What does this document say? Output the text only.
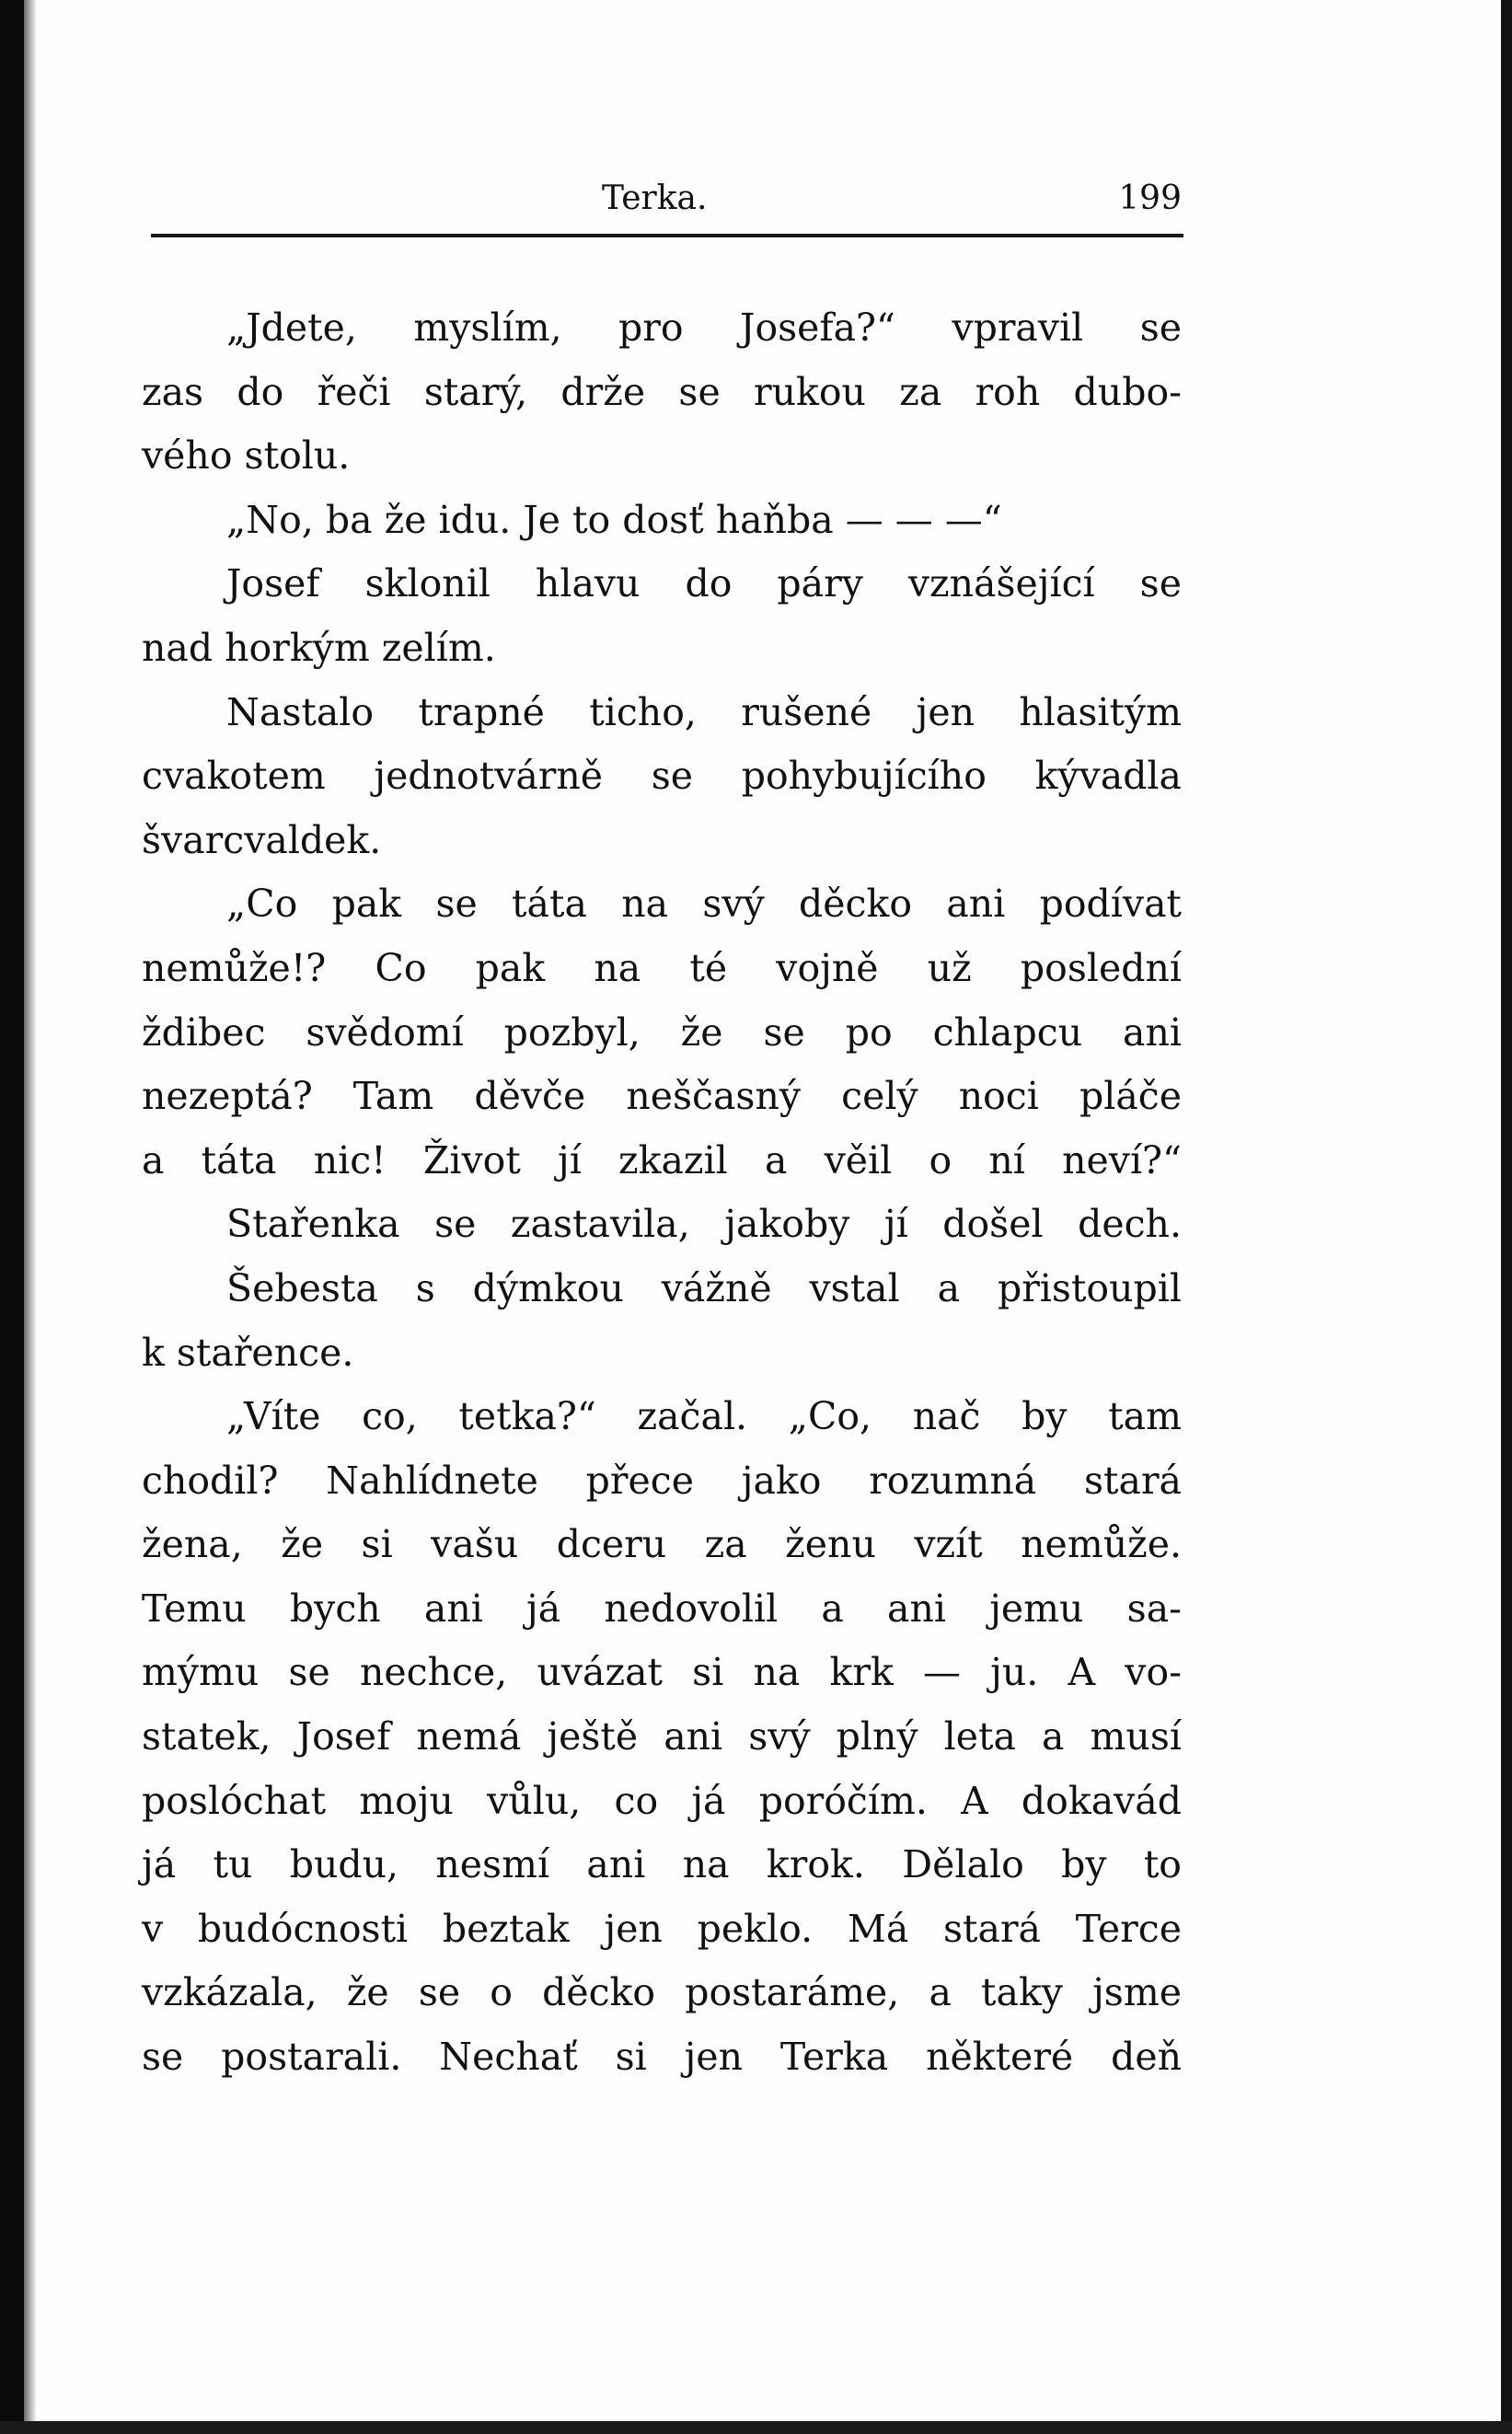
Terka.	199
„Jdete, myslím, pro Josefa?“ vpravil se
zas do řeči starý, drže se rukou za roh dubo-
vého stolu.
„No, ba že idu. Je to dosť haňba — — —“
Josef sklonil hlavu do páry vznášející se
nad horkým zelím.
Nastalo trapné ticho, rušené jen hlasitým
cvakotem jednotvárně se pohybujícího kývadla
švarcvaldek.
„Co pak se táta na svý děcko ani podívat
nemůže!? Co pak na té vojně už poslední
ždibec svědomí pozbyl, že se po chlapcu ani
nezeptá? Tam děvče neščasný celý noci pláče
a táta nic! Život jí zkazil a věil o ní neví?“
Stařenka se zastavila, jakoby jí došel dech.
Šebesta s dýmkou vážně vstal a přistoupil
k stařence.
„Víte co, tetka?“ začal. „Co, nač by tam
chodil? Nahlídnete přece jako rozumná stará
žena, že si vašu dceru za ženu vzít nemůže.
Temu bych ani já nedovolil a ani jemu sa-
mýmu se nechce, uvázat si na krk — ju. A vo-
statek, Josef nemá ještě ani svý plný leta a musí
poslóchat moju vůlu, co já poróčím. A dokavád
já tu budu, nesmí ani na krok. Dělalo by to
v budócnosti beztak jen peklo. Má stará Terce
vzkázala, že se o děcko postaráme, a taky jsme
se postarali. Nechať si jen Terka některé deň
